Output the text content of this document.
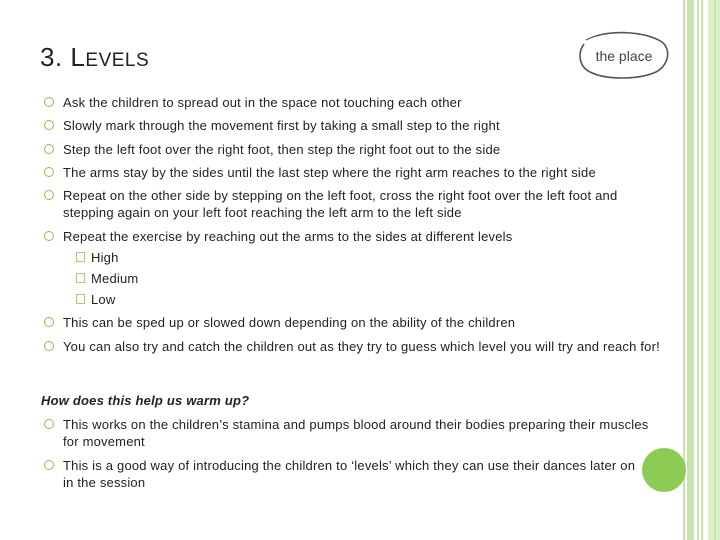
3. LEVELS	the place
Ask the children to spread out in the space not touching each other
Slowly mark through the movement first by taking a small step to the right
Step the left foot over the right foot, then step the right foot out to the side
The arms stay by the sides until the last step where the right arm reaches to the right side
Repeat on the other side by stepping on the left foot, cross the right foot over the left foot and stepping again on your left foot reaching the left arm to the left side
Repeat the exercise by reaching out the arms to the sides at different levels
High
Medium
Low
This can be sped up or slowed down depending on the ability of the children
You can also try and catch the children out as they try to guess which level you will try and reach for!
How does this help us warm up?
This works on the children’s stamina and pumps blood around their bodies preparing their muscles for movement
This is a good way of introducing the children to ‘levels’ which they can use their dances later on in the session
